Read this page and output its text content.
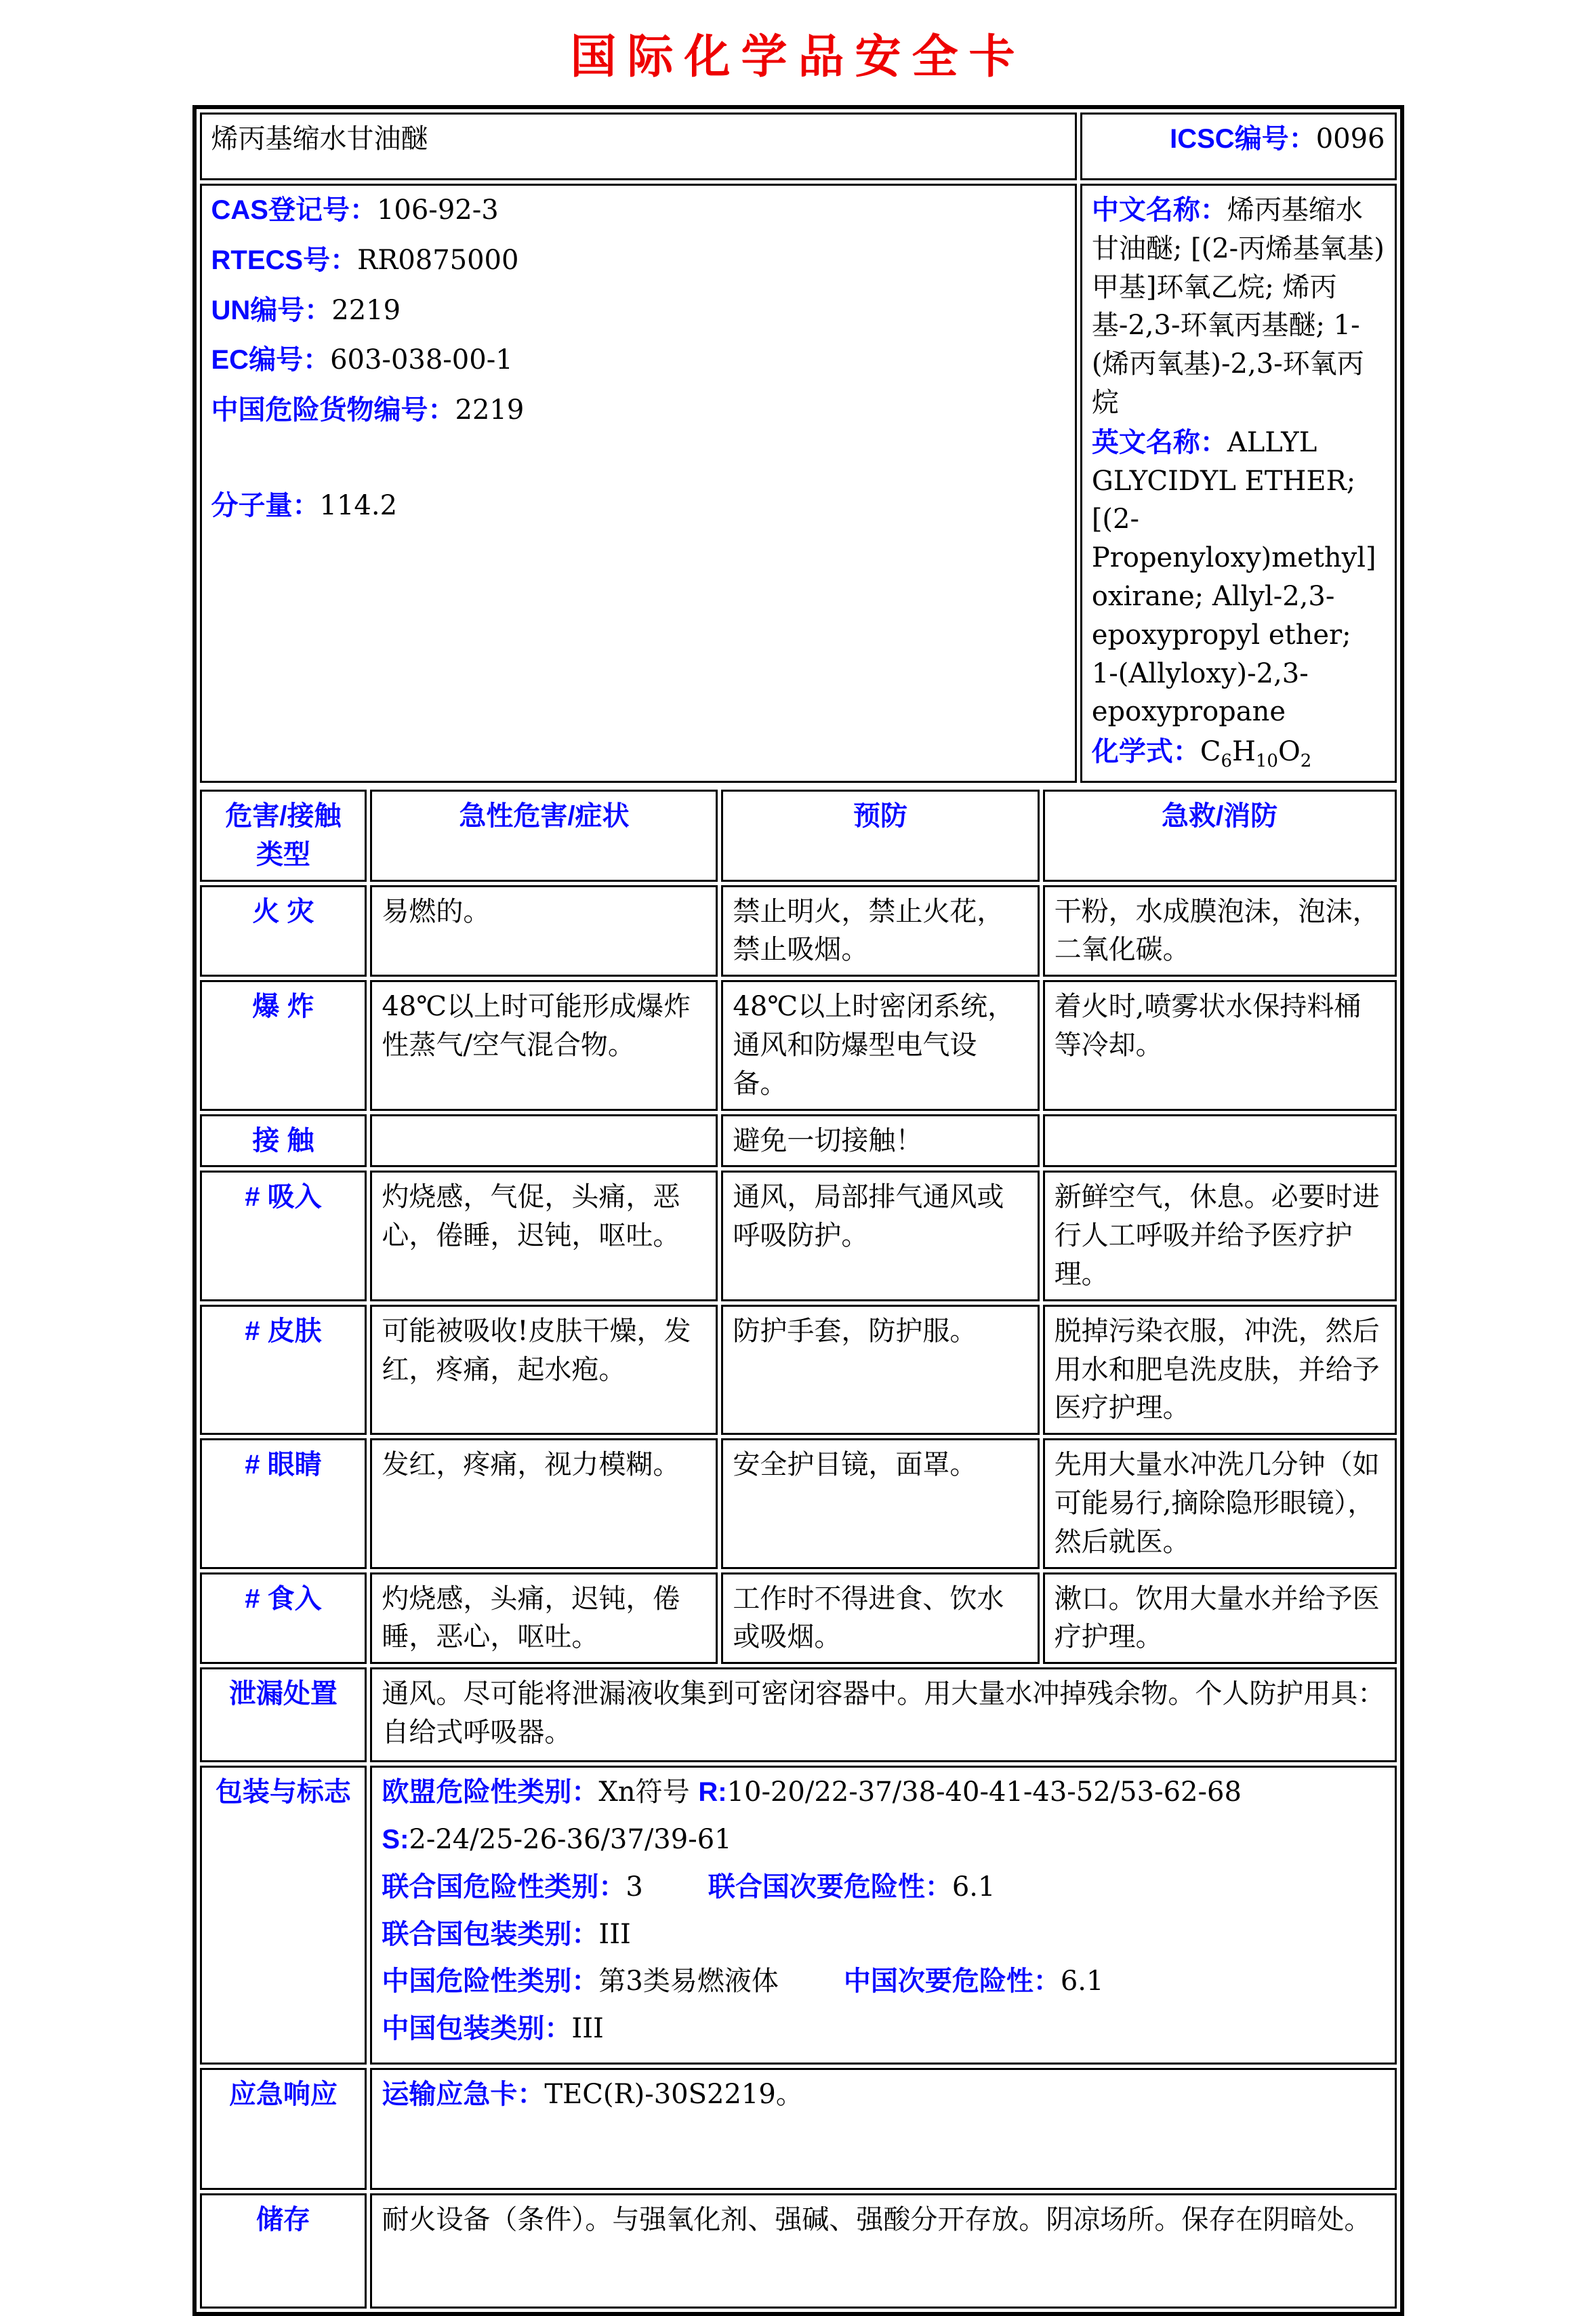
国际化学品安全卡
烯丙基缩水甘油醚	ICSC编号：0096

CAS登记号：106-92-3
RTECS号：RR0875000
UN编号：2219
EC编号：603-038-00-1
中国危险货物编号：2219
分子量：114.2

中文名称：烯丙基缩水甘油醚; [(2-丙烯基氧基)甲基]环氧乙烷; 烯丙基-2,3-环氧丙基醚; 1-(烯丙氧基)-2,3-环氧丙烷

英文名称：ALLYL GLYCIDYL ETHER; [(2-Propenyloxy)methyl] oxirane; Allyl-2,3-epoxypropyl ether; 1-(Allyloxy)-2,3-epoxypropane

化学式：$C_6H_{10}O_2$

危害/接触
类型	急性危害/症状	预防	急救/消防
火 灾	易燃的。	禁止明火，禁止火花，禁止吸烟。	干粉，水成膜泡沫，泡沫，二氧化碳。
爆 炸	48℃以上时可能形成爆炸性蒸气/空气混合物。	48℃以上时密闭系统，通风和防爆型电气设备。	着火时,喷雾状水保持料桶等冷却。
接 触		避免一切接触！	
# 吸入	灼烧感，气促，头痛，恶心，倦睡，迟钝，呕吐。	通风，局部排气通风或呼吸防护。	新鲜空气，休息。必要时进行人工呼吸并给予医疗护理。
# 皮肤	可能被吸收!皮肤干燥，发红，疼痛，起水疱。	防护手套，防护服。	脱掉污染衣服，冲洗，然后用水和肥皂洗皮肤，并给予医疗护理。
# 眼睛	发红，疼痛，视力模糊。	安全护目镜，面罩。	先用大量水冲洗几分钟（如可能易行,摘除隐形眼镜），然后就医。
# 食入	灼烧感，头痛，迟钝，倦睡，恶心，呕吐。	工作时不得进食、饮水或吸烟。	漱口。饮用大量水并给予医疗护理。
泄漏处置	通风。尽可能将泄漏液收集到可密闭容器中。用大量水冲掉残余物。个人防护用具：自给式呼吸器。		
包装与标志	欧盟危险性类别：Xn符号 R:10-20/22-37/38-40-41-43-52/53-62-68
S:2-24/25-26-36/37/39-61
联合国危险性类别：3 联合国次要危险性：6.1
联合国包装类别：III
中国危险性类别：第3类易燃液体 中国次要危险性：6.1
中国包装类别：III

应急响应	运输应急卡：TEC(R)-30S2219。		
储存	耐火设备（条件）。与强氧化剂、强碱、强酸分开存放。阴凉场所。保存在阴暗处。		
